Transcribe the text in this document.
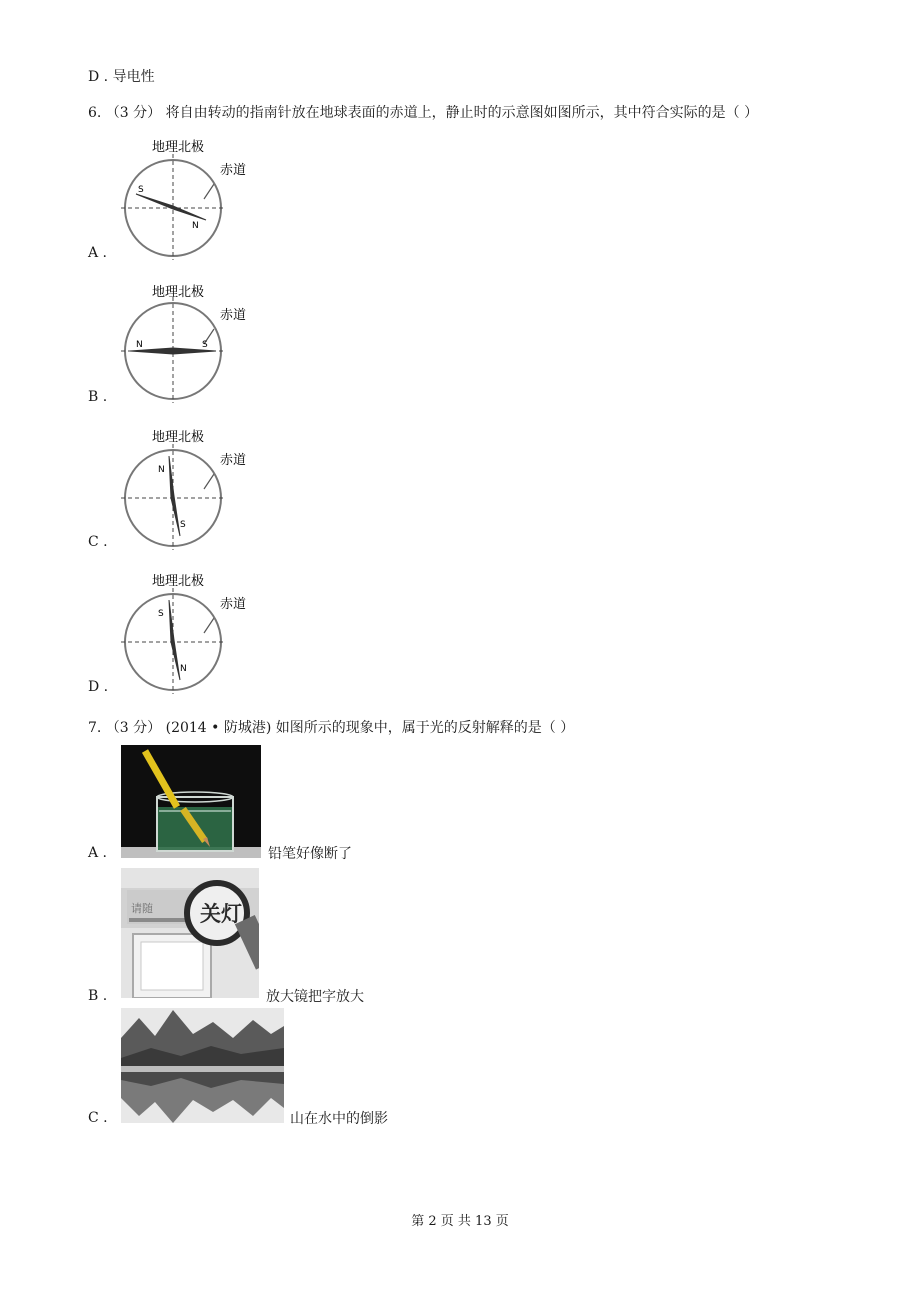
D . 导电性
6. （3 分） 将自由转动的指南针放在地球表面的赤道上，静止时的示意图如图所示，其中符合实际的是（ ）
地理北极
赤道
S
N
A .
地理北极
赤道
N	S
B .
地理北极
赤道
N
S
C .
地理北极
赤道
S
N
D .
7. （3 分） (2014 • 防城港) 如图所示的现象中，属于光的反射解释的是（ ）
A .	铅笔好像断了
请随 关灯
B .	放大镜把字放大
C .	山在水中的倒影
第 2 页 共 13 页
